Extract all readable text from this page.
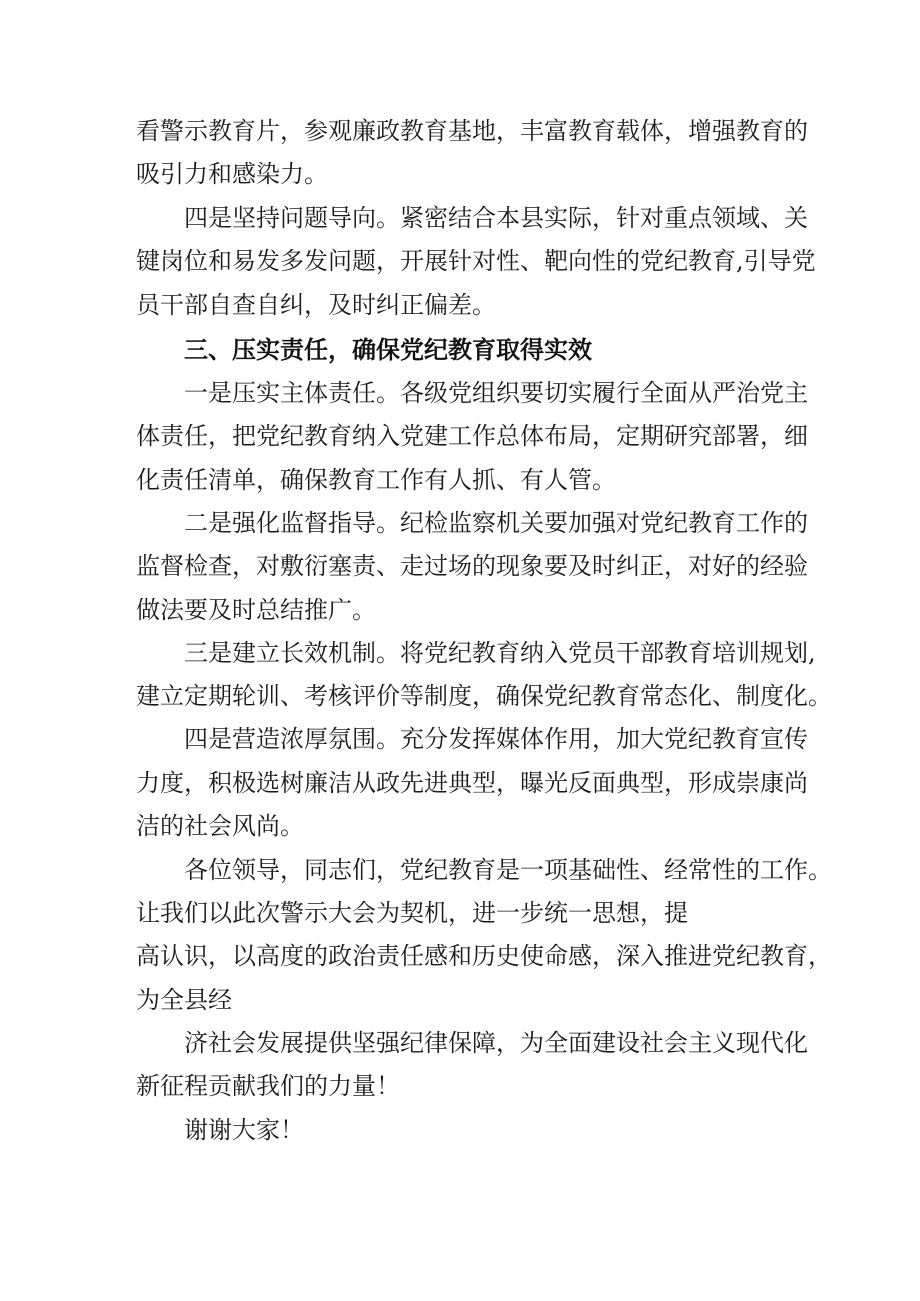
看警示教育片，参观廉政教育基地，丰富教育载体，增强教育的

吸引力和感染力。

四是坚持问题导向。紧密结合本县实际，针对重点领域、关

键岗位和易发多发问题，开展针对性、靶向性的党纪教育,引导党

员干部自查自纠，及时纠正偏差。

三、压实责任，确保党纪教育取得实效

一是压实主体责任。各级党组织要切实履行全面从严治党主

体责任，把党纪教育纳入党建工作总体布局，定期研究部署，细

化责任清单，确保教育工作有人抓、有人管。

二是强化监督指导。纪检监察机关要加强对党纪教育工作的

监督检查，对敷衍塞责、走过场的现象要及时纠正，对好的经验

做法要及时总结推广。

三是建立长效机制。将党纪教育纳入党员干部教育培训规划,

建立定期轮训、考核评价等制度，确保党纪教育常态化、制度化。

四是营造浓厚氛围。充分发挥媒体作用，加大党纪教育宣传

力度，积极选树廉洁从政先进典型，曝光反面典型，形成崇康尚

洁的社会风尚。

各位领导，同志们，党纪教育是一项基础性、经常性的工作。

让我们以此次警示大会为契机，进一步统一思想，提

高认识，以高度的政治责任感和历史使命感，深入推进党纪教育，

为全县经

济社会发展提供坚强纪律保障，为全面建设社会主义现代化

新征程贡献我们的力量！

谢谢大家！
